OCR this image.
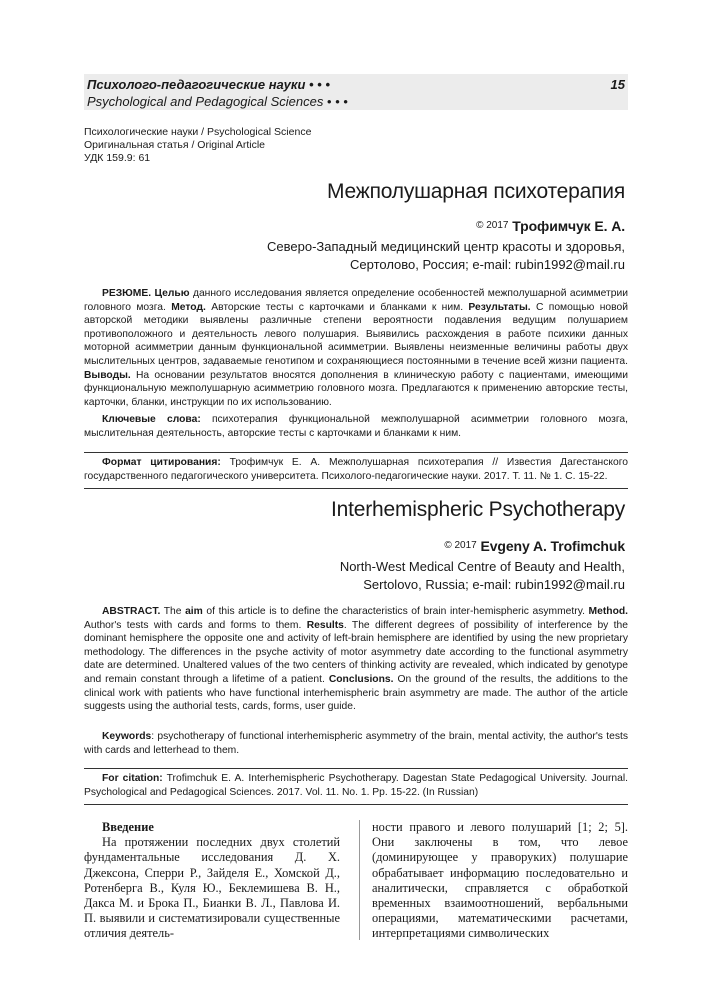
Психолого-педагогические науки • • •
Psychological and Pedagogical Sciences • • •
15
Психологические науки / Psychological Science
Оригинальная статья / Original Article
УДК 159.9: 61
Межполушарная психотерапия
$^{© 2017}$ Трофимчук Е. А.
Северо-Западный медицинский центр красоты и здоровья,
Сертолово, Россия; e-mail: rubin1992@mail.ru
РЕЗЮМЕ. Целью данного исследования является определение особенностей межполушарной асимметрии головного мозга. Метод. Авторские тесты с карточками и бланками к ним. Результаты. С помощью новой авторской методики выявлены различные степени вероятности подавления ведущим полушарием противоположного и деятельность левого полушария. Выявились расхождения в работе психики данных моторной асимметрии данным функциональной асимметрии. Выявлены неизменные величины работы двух мыслительных центров, задаваемые генотипом и сохраняющиеся постоянными в течение всей жизни пациента. Выводы. На основании результатов вносятся дополнения в клиническую работу с пациентами, имеющими функциональную межполушарную асимметрию головного мозга. Предлагаются к применению авторские тесты, карточки, бланки, инструкции по их использованию.
Ключевые слова: психотерапия функциональной межполушарной асимметрии головного мозга, мыслительная деятельность, авторские тесты с карточками и бланками к ним.
Формат цитирования: Трофимчук Е. А. Межполушарная психотерапия // Известия Дагестанского государственного педагогического университета. Психолого-педагогические науки. 2017. Т. 11. № 1. С. 15-22.
Interhemispheric Psychotherapy
$^{© 2017}$ Evgeny A. Trofimchuk
North-West Medical Centre of Beauty and Health,
Sertolovo, Russia; e-mail: rubin1992@mail.ru
ABSTRACT. The aim of this article is to define the characteristics of brain inter-hemispheric asymmetry. Method. Author's tests with cards and forms to them. Results. The different degrees of possibility of interference by the dominant hemisphere the opposite one and activity of left-brain hemisphere are identified by using the new proprietary methodology. The differences in the psyche activity of motor asymmetry date according to the functional asymmetry date are determined. Unaltered values of the two centers of thinking activity are revealed, which indicated by genotype and remain constant through a lifetime of a patient. Conclusions. On the ground of the results, the additions to the clinical work with patients who have functional interhemispheric brain asymmetry are made. The author of the article suggests using the authorial tests, cards, forms, user guide.
Keywords: psychotherapy of functional interhemispheric asymmetry of the brain, mental activity, the author's tests with cards and letterhead to them.
For citation: Trofimchuk E. A. Interhemispheric Psychotherapy. Dagestan State Pedagogical University. Journal. Psychological and Pedagogical Sciences. 2017. Vol. 11. No. 1. Pp. 15-22. (In Russian)
Введение
На протяжении последних двух столетий фундаментальные исследования Д. Х. Джексона, Сперри Р., Зайделя Е., Хомской Д., Ротенберга В., Куля Ю., Беклемишева В. Н., Дакса М. и Брока П., Бианки В. Л., Павлова И. П. выявили и систематизировали существенные отличия деятель-
ности правого и левого полушарий [1; 2; 5]. Они заключены в том, что левое (доминирующее у праворуких) полушарие обрабатывает информацию последовательно и аналитически, справляется с обработкой временных взаимоотношений, вербальными операциями, математическими расчетами, интерпретациями символических
